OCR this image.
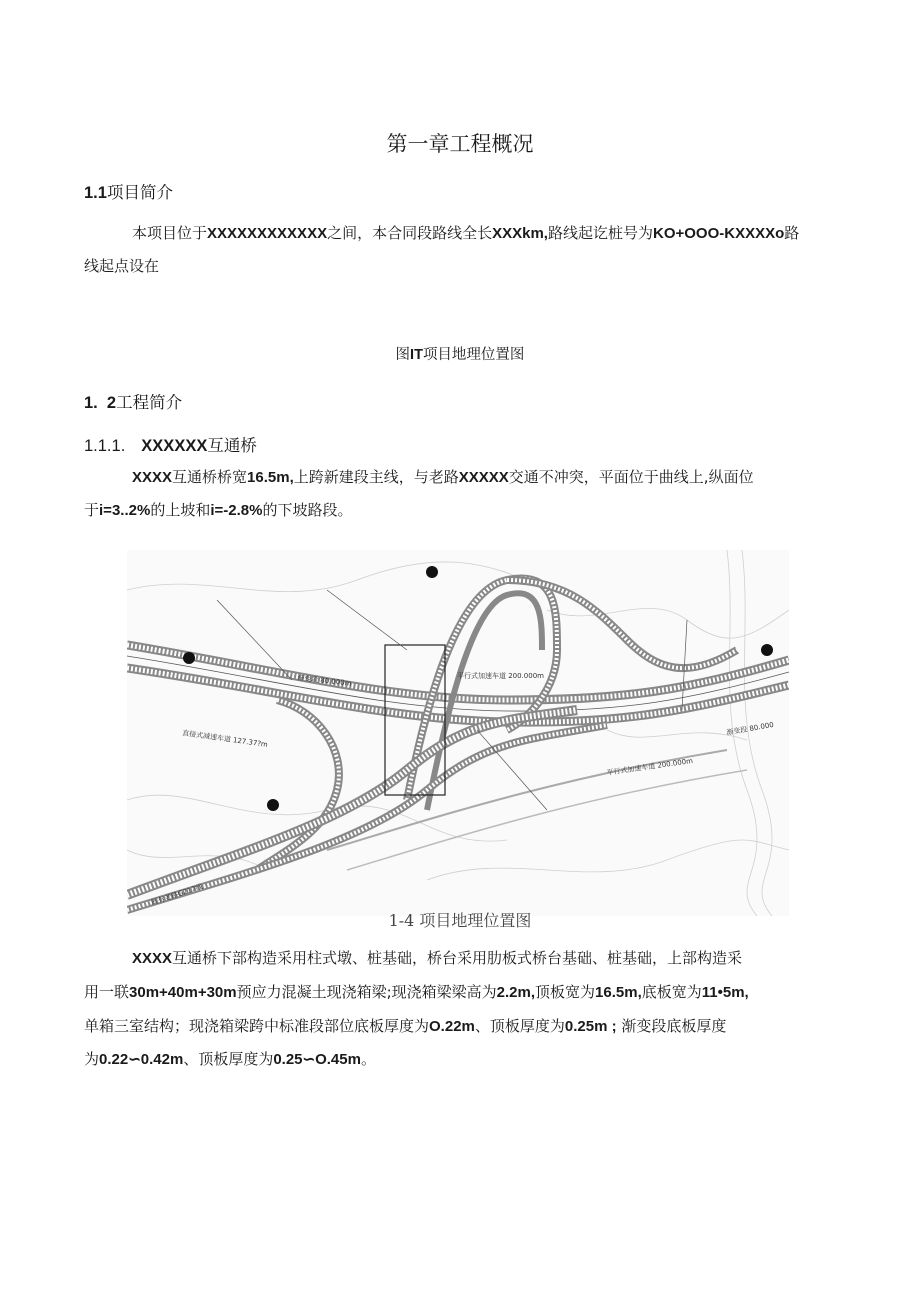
第一章工程概况
1.1项目简介
本项目位于XXXXXXXXXXXX之间，本合同段路线全长XXXkm,路线起讫桩号为KO+OOO-KXXXXo路
线起点设在
图IT项目地理位置图
1.  2工程简介
1.1.1. XXXXXX互通桥
XXXX互通桥桥宽16.5m,上跨新建段主线，与老路XXXXX交通不冲突，平面位于曲线上,纵面位
于i=3..2%的上坡和i=-2.8%的下坡路段。
既有老路G217线
直接式减速车道 127.37?m
渐变段 80.000m	平行式加速车道 200.000m
平行式加速车道 200.000m
渐变段 80.000
1-4 项目地理位置图
XXXX互通桥下部构造采用柱式墩、桩基础，桥台采用肋板式桥台基础、桩基础，上部构造采
用一联30m+40m+30m预应力混凝土现浇箱梁;现浇箱梁梁高为2.2m,顶板宽为16.5m,底板宽为11•5m,
单箱三室结构；现浇箱梁跨中标准段部位底板厚度为O.22m、顶板厚度为0.25m ; 渐变段底板厚度
为0.22∽0.42m、顶板厚度为0.25∽O.45m。
